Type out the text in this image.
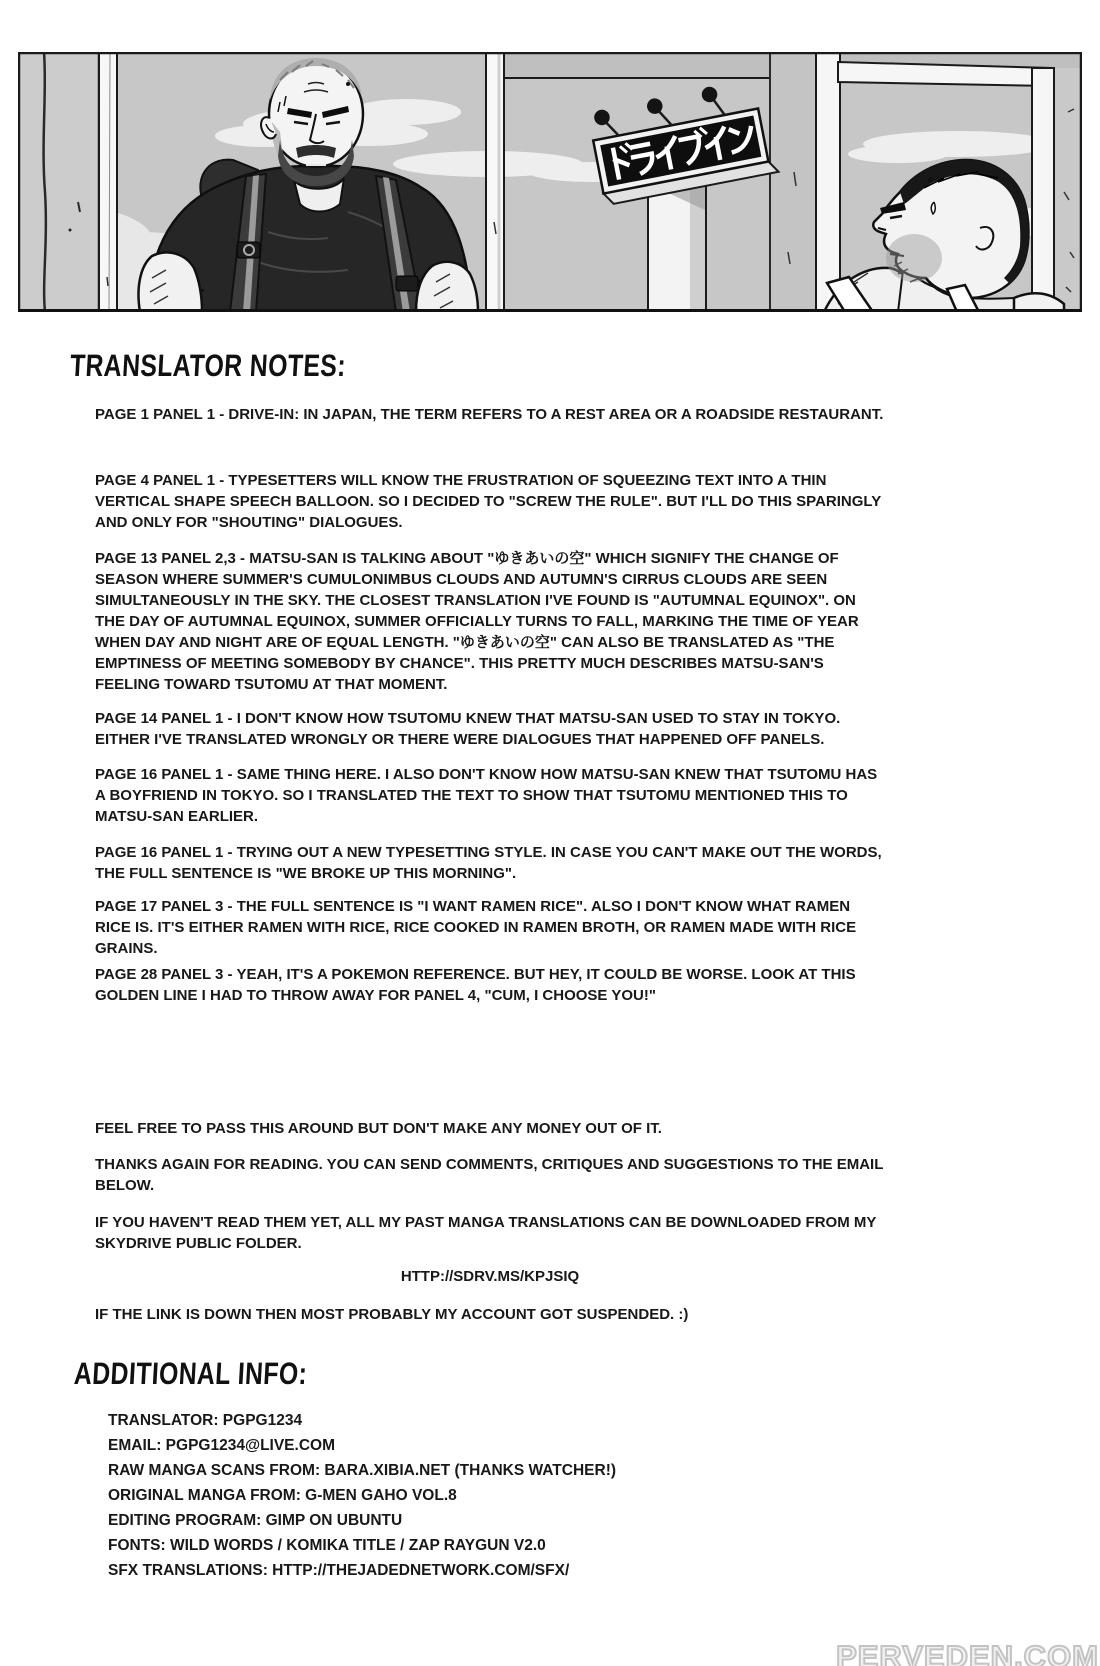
TRANSLATOR NOTES:

PAGE 1 PANEL 1 - DRIVE-IN: IN JAPAN, THE TERM REFERS TO A REST AREA OR A ROADSIDE RESTAURANT.

PAGE 4 PANEL 1 - TYPESETTERS WILL KNOW THE FRUSTRATION OF SQUEEZING TEXT INTO A THIN VERTICAL SHAPE SPEECH BALLOON. SO I DECIDED TO "SCREW THE RULE". BUT I'LL DO THIS SPARINGLY AND ONLY FOR "SHOUTING" DIALOGUES.

PAGE 13 PANEL 2,3 - MATSU-SAN IS TALKING ABOUT "ゆきあいの空" WHICH SIGNIFY THE CHANGE OF SEASON WHERE SUMMER'S CUMULONIMBUS CLOUDS AND AUTUMN'S CIRRUS CLOUDS ARE SEEN SIMULTANEOUSLY IN THE SKY. THE CLOSEST TRANSLATION I'VE FOUND IS "AUTUMNAL EQUINOX". ON THE DAY OF AUTUMNAL EQUINOX, SUMMER OFFICIALLY TURNS TO FALL, MARKING THE TIME OF YEAR WHEN DAY AND NIGHT ARE OF EQUAL LENGTH. "ゆきあいの空" CAN ALSO BE TRANSLATED AS "THE EMPTINESS OF MEETING SOMEBODY BY CHANCE". THIS PRETTY MUCH DESCRIBES MATSU-SAN'S FEELING TOWARD TSUTOMU AT THAT MOMENT.

PAGE 14 PANEL 1 - I DON'T KNOW HOW TSUTOMU KNEW THAT MATSU-SAN USED TO STAY IN TOKYO. EITHER I'VE TRANSLATED WRONGLY OR THERE WERE DIALOGUES THAT HAPPENED OFF PANELS.

PAGE 16 PANEL 1 - SAME THING HERE. I ALSO DON'T KNOW HOW MATSU-SAN KNEW THAT TSUTOMU HAS A BOYFRIEND IN TOKYO. SO I TRANSLATED THE TEXT TO SHOW THAT TSUTOMU MENTIONED THIS TO MATSU-SAN EARLIER.

PAGE 16 PANEL 1 - TRYING OUT A NEW TYPESETTING STYLE. IN CASE YOU CAN'T MAKE OUT THE WORDS, THE FULL SENTENCE IS "WE BROKE UP THIS MORNING".

PAGE 17 PANEL 3 - THE FULL SENTENCE IS "I WANT RAMEN RICE". ALSO I DON'T KNOW WHAT RAMEN RICE IS. IT'S EITHER RAMEN WITH RICE, RICE COOKED IN RAMEN BROTH, OR RAMEN MADE WITH RICE GRAINS.

PAGE 28 PANEL 3 - YEAH, IT'S A POKEMON REFERENCE. BUT HEY, IT COULD BE WORSE. LOOK AT THIS GOLDEN LINE I HAD TO THROW AWAY FOR PANEL 4, "CUM, I CHOOSE YOU!"

FEEL FREE TO PASS THIS AROUND BUT DON'T MAKE ANY MONEY OUT OF IT.

THANKS AGAIN FOR READING. YOU CAN SEND COMMENTS, CRITIQUES AND SUGGESTIONS TO THE EMAIL BELOW.

IF YOU HAVEN'T READ THEM YET, ALL MY PAST MANGA TRANSLATIONS CAN BE DOWNLOADED FROM MY SKYDRIVE PUBLIC FOLDER.

HTTP://SDRV.MS/KPJSIQ

IF THE LINK IS DOWN THEN MOST PROBABLY MY ACCOUNT GOT SUSPENDED. :)

ADDITIONAL INFO:
TRANSLATOR: PGPG1234
EMAIL: PGPG1234@LIVE.COM
RAW MANGA SCANS FROM: BARA.XIBIA.NET (THANKS WATCHER!)
ORIGINAL MANGA FROM: G-MEN GAHO VOL.8
EDITING PROGRAM: GIMP ON UBUNTU
FONTS: WILD WORDS / KOMIKA TITLE / ZAP RAYGUN V2.0
SFX TRANSLATIONS: HTTP://THEJADEDNETWORK.COM/SFX/
PERVEDEN.COM
